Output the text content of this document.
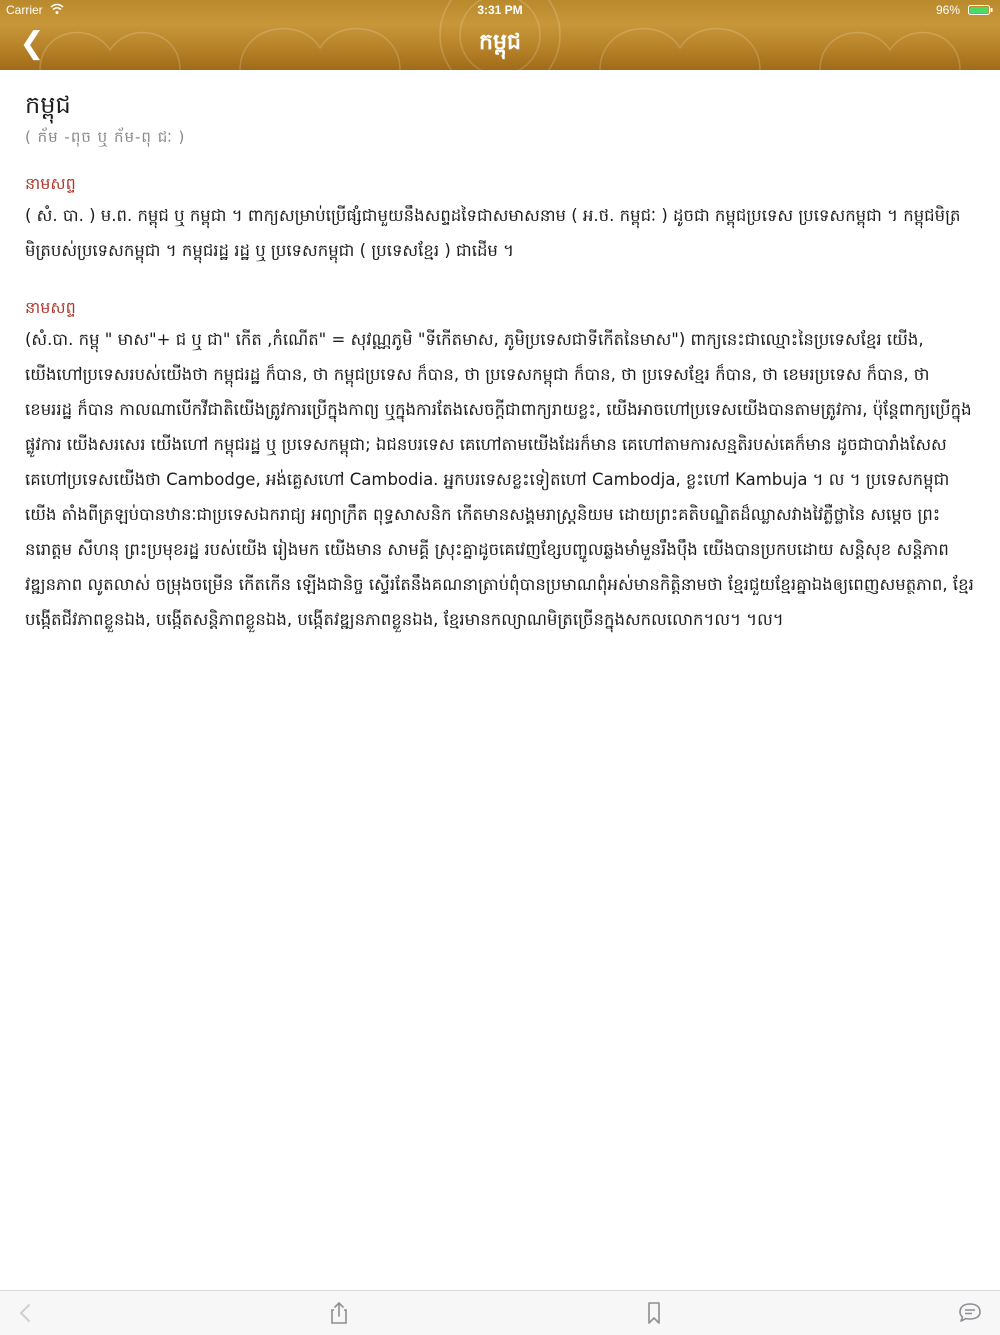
Carrier	3:31 PM	96%
❮	កម្ពុជ
កម្ពុជ
( ក័ម -ពុច ឬ ក័ម-ពុ ជៈ )
នាមសព្ទ
( សំ. បា. ) ម.ព. កម្ពុជ ឬ កម្ពុជា ។ ពាក្យសម្រាប់ប្រើផ្សំជាមួយនឹងសព្ទដទៃជាសមាសនាម ( អ.ថ. កម្ពុជៈ ) ដូចជា កម្ពុជប្រទេស ប្រទេសកម្ពុជា ។ កម្ពុជមិត្រ មិត្របស់ប្រទេសកម្ពុជា ។ កម្ពុជរដ្ឋ រដ្ឋ ឬ ប្រទេសកម្ពុជា ( ប្រទេសខ្មែរ ) ជាដើម ។
នាមសព្ទ
(សំ.បា. កម្ពុ " មាស"+ ជ ឬ ជា" កើត ,កំណើត" = សុវណ្ណភូមិ "ទីកើតមាស, ភូមិប្រទេសជាទីកើតនៃមាស") ពាក្យនេះជាឈ្មោះនៃប្រទេសខ្មែរ យើង, យើងហៅប្រទេសរបស់យើងថា កម្ពុជរដ្ឋ ក៏បាន, ថា កម្ពុជប្រទេស ក៏បាន, ថា ប្រទេសកម្ពុជា ក៏បាន, ថា ប្រទេសខ្មែរ ក៏បាន, ថា ខេមរប្រទេស ក៏បាន, ថា ខេមររដ្ឋ ក៏បាន កាលណាបើកវីជាតិយើងត្រូវការប្រើក្នុងកាព្យ ឬក្នុងការតែងសេចក្តីជាពាក្យរាយខ្លះ, យើងអាចហៅប្រទេសយើងបានតាមត្រូវការ, ប៉ុន្តែពាក្យប្រើក្នុងផ្លូវការ យើងសរសេរ យើងហៅ កម្ពុជរដ្ឋ ឬ ប្រទេសកម្ពុជា; ឯជនបរទេស គេហៅតាមយើងដែរក៏មាន គេហៅតាមការសន្មតិរបស់គេក៏មាន ដូចជាបារាំងសែស គេហៅប្រទេសយើងថា Cambodge, អង់គ្លេសហៅ Cambodia. អ្នកបរទេសខ្លះទៀតហៅ Cambodja, ខ្លះហៅ Kambuja ។ ល ។ ប្រទេសកម្ពុជាយើង តាំងពីត្រឡប់បានឋានៈជាប្រទេសឯករាជ្យ អព្យាក្រឹត ពុទ្ធសាសនិក កើតមានសង្គមរាស្ត្រនិយម ដោយព្រះគតិបណ្ឌិតដ៏ឈ្លាសវាងវៃភ្លឺថ្លានៃ សម្តេច ព្រះនរោត្តម សីហនុ ព្រះប្រមុខរដ្ឋ របស់យើង រៀងមក យើងមាន សាមគ្គី ស្រុះគ្នាដូចគេវេញខ្សែបញ្ចូលឆ្លងមាំមួនរឹងប៉ឹង យើងបានប្រកបដោយ សន្តិសុខ សន្តិភាព វឌ្ឍនភាព លូតលាស់ ចម្រុងចម្រើន កើតកើន ឡើងជានិច្ច ស្ទើរតែនឹងគណនាត្រាប់ពុំបានប្រមាណពុំអស់មានកិត្តិនាមថា ខ្មែរជួយខ្មែរគ្នាឯងឲ្យពេញសមត្ថភាព, ខ្មែរបង្កើតជីវភាពខ្លួនឯង, បង្កើតសន្តិភាពខ្លួនឯង, បង្កើតវឌ្ឍនភាពខ្លួនឯង, ខ្មែរមានកល្យាណមិត្រច្រើនក្នុងសកលលោក។ល។ ។ល។
